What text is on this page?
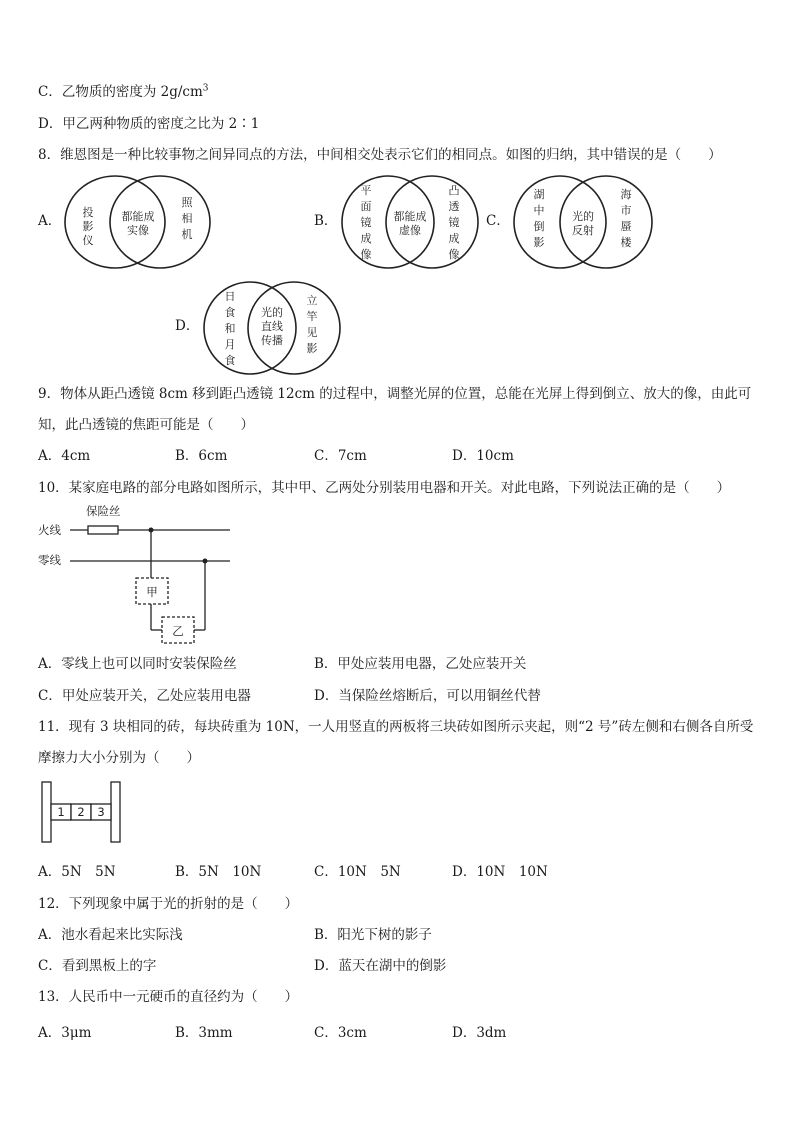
C．乙物质的密度为 $2g/cm^3$
D．甲乙两种物质的密度之比为 2∶1
8．维恩图是一种比较事物之间异同点的方法，中间相交处表示它们的相同点。如图的归纳，其中错误的是（　　）
A．
投
影
仪
都能成
实像
照
相
机
B．
平
面
镜
成
像
都能成
虚像
凸
透
镜
成
像
C．
湖
中
倒
影
光的
反射
海
市
蜃
楼
D．
日
食
和
月
食
光的
直线
传播
立
竿
见
影
9．物体从距凸透镜 8cm 移到距凸透镜 12cm 的过程中，调整光屏的位置，总能在光屏上得到倒立、放大的像，由此可
知，此凸透镜的焦距可能是（　　）
A．4cm	B．6cm	C．7cm	D．10cm
10．某家庭电路的部分电路如图所示，其中甲、乙两处分别装用电器和开关。对此电路，下列说法正确的是（　　）
火线
零线
保险丝
甲
乙
A．零线上也可以同时安装保险丝	B．甲处应装用电器，乙处应装开关
C．甲处应装开关，乙处应装用电器	D．当保险丝熔断后，可以用铜丝代替
11．现有 3 块相同的砖，每块砖重为 10N，一人用竖直的两板将三块砖如图所示夹起，则“2 号”砖左侧和右侧各自所受
摩擦力大小分别为（　　）
1 2 3
A．5N　5N	B．5N　10N	C．10N　5N	D．10N　10N
12．下列现象中属于光的折射的是（　　）
A．池水看起来比实际浅	B．阳光下树的影子
C．看到黑板上的字	D．蓝天在湖中的倒影
13．人民币中一元硬币的直径约为（　　）
A．3μm	B．3mm	C．3cm	D．3dm
